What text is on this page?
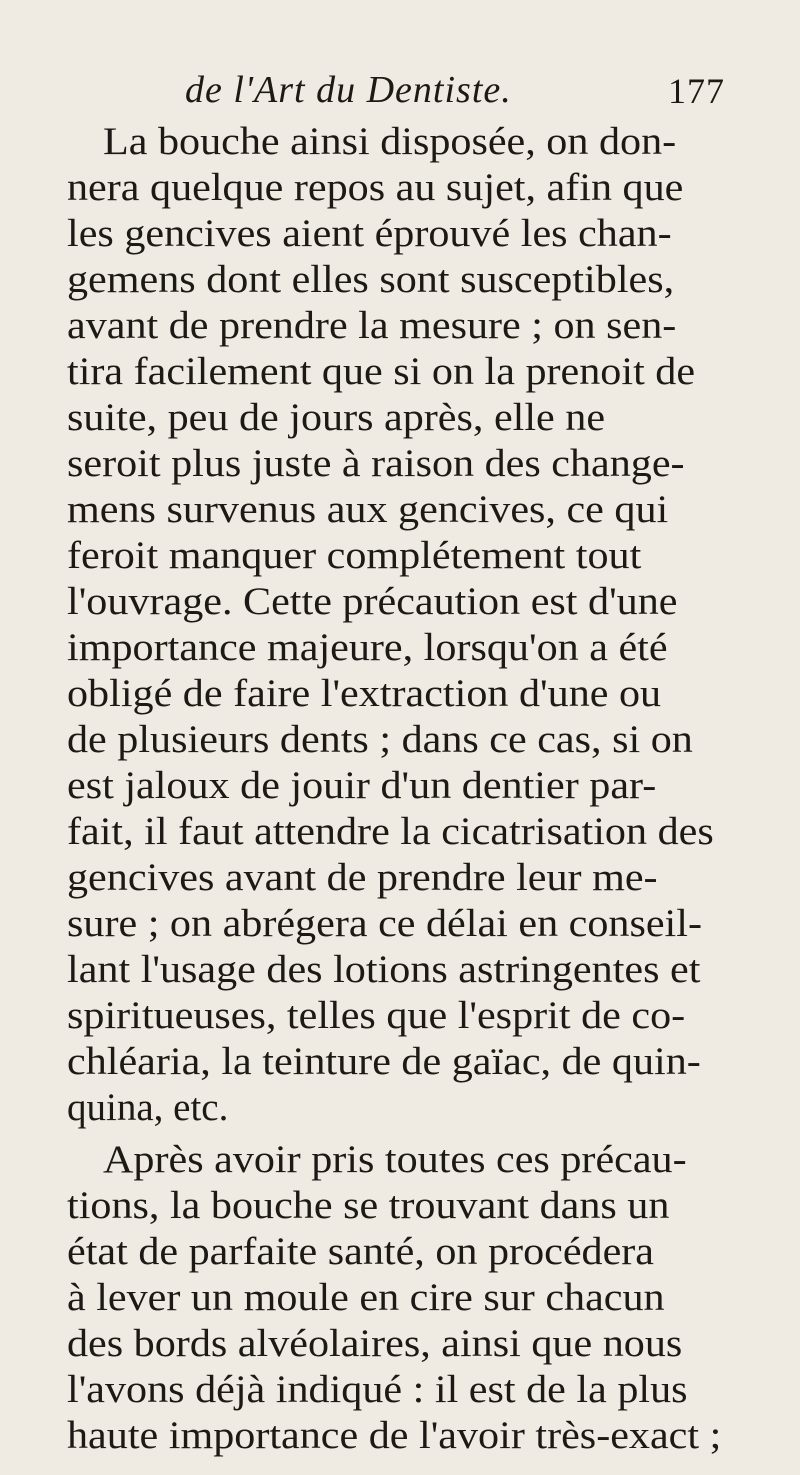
de l'Art du Dentiste.	177
La bouche ainsi disposée, on don-
nera quelque repos au sujet, afin que
les gencives aient éprouvé les chan-
gemens dont elles sont susceptibles,
avant de prendre la mesure ; on sen-
tira facilement que si on la prenoit de
suite, peu de jours après, elle ne
seroit plus juste à raison des change-
mens survenus aux gencives, ce qui
feroit manquer complétement tout
l'ouvrage. Cette précaution est d'une
importance majeure, lorsqu'on a été
obligé de faire l'extraction d'une ou
de plusieurs dents ; dans ce cas, si on
est jaloux de jouir d'un dentier par-
fait, il faut attendre la cicatrisation des
gencives avant de prendre leur me-
sure ; on abrégera ce délai en conseil-
lant l'usage des lotions astringentes et
spiritueuses, telles que l'esprit de co-
chléaria, la teinture de gaïac, de quin-
quina, etc.
Après avoir pris toutes ces précau-
tions, la bouche se trouvant dans un
état de parfaite santé, on procédera
à lever un moule en cire sur chacun
des bords alvéolaires, ainsi que nous
l'avons déjà indiqué : il est de la plus
haute importance de l'avoir très-exact ;
